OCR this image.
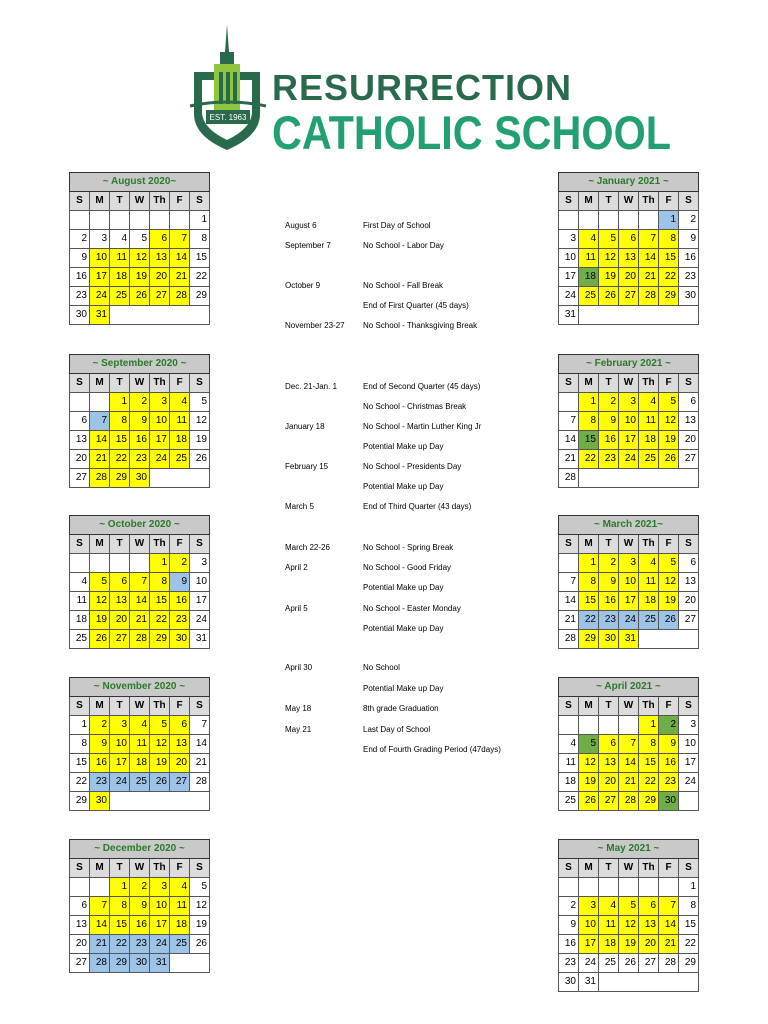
EST. 1963
RESURRECTION
CATHOLIC SCHOOL
~ August 2020~						
S	M	T	W	Th	F	S
						1
2	3	4	5	6	7	8
9	10	11	12	13	14	15
16	17	18	19	20	21	22
23	24	25	26	27	28	29
30	31					
~ September 2020 ~						
S	M	T	W	Th	F	S
		1	2	3	4	5
6	7	8	9	10	11	12
13	14	15	16	17	18	19
20	21	22	23	24	25	26
27	28	29	30			
~ October 2020 ~						
S	M	T	W	Th	F	S
				1	2	3
4	5	6	7	8	9	10
11	12	13	14	15	16	17
18	19	20	21	22	23	24
25	26	27	28	29	30	31
~ November 2020 ~						
S	M	T	W	Th	F	S
1	2	3	4	5	6	7
8	9	10	11	12	13	14
15	16	17	18	19	20	21
22	23	24	25	26	27	28
29	30					
~ December 2020 ~						
S	M	T	W	Th	F	S
		1	2	3	4	5
6	7	8	9	10	11	12
13	14	15	16	17	18	19
20	21	22	23	24	25	26
27	28	29	30	31		
~ January 2021 ~						
S	M	T	W	Th	F	S
					1	2
3	4	5	6	7	8	9
10	11	12	13	14	15	16
17	18	19	20	21	22	23
24	25	26	27	28	29	30
31						
~ February 2021 ~						
S	M	T	W	Th	F	S
	1	2	3	4	5	6
7	8	9	10	11	12	13
14	15	16	17	18	19	20
21	22	23	24	25	26	27
28						
~ March 2021~						
S	M	T	W	Th	F	S
	1	2	3	4	5	6
7	8	9	10	11	12	13
14	15	16	17	18	19	20
21	22	23	24	25	26	27
28	29	30	31			
~ April 2021 ~						
S	M	T	W	Th	F	S
				1	2	3
4	5	6	7	8	9	10
11	12	13	14	15	16	17
18	19	20	21	22	23	24
25	26	27	28	29	30	
~ May 2021 ~						
S	M	T	W	Th	F	S
						1
2	3	4	5	6	7	8
9	10	11	12	13	14	15
16	17	18	19	20	21	22
23	24	25	26	27	28	29
30	31					
August 6	First Day of School
September 7	No School - Labor Day
October 9	No School - Fall Break
End of First Quarter (45 days)
November 23-27 No School - Thanksgiving Break
Dec. 21-Jan. 1	End of Second Quarter (45 days)
No School - Christmas Break
January 18	No School - Martin Luther King Jr
Potential Make up Day
February 15	No School - Presidents Day
Potential Make up Day
March 5	End of Third Quarter (43 days)
March 22-26	No School - Spring Break
April 2	No School - Good Friday
Potential Make up Day
April 5	No School - Easter Monday
Potential Make up Day
April 30	No School
Potential Make up Day
May 18	8th grade Graduation
May 21	Last Day of School
End of Fourth Grading Period (47days)
